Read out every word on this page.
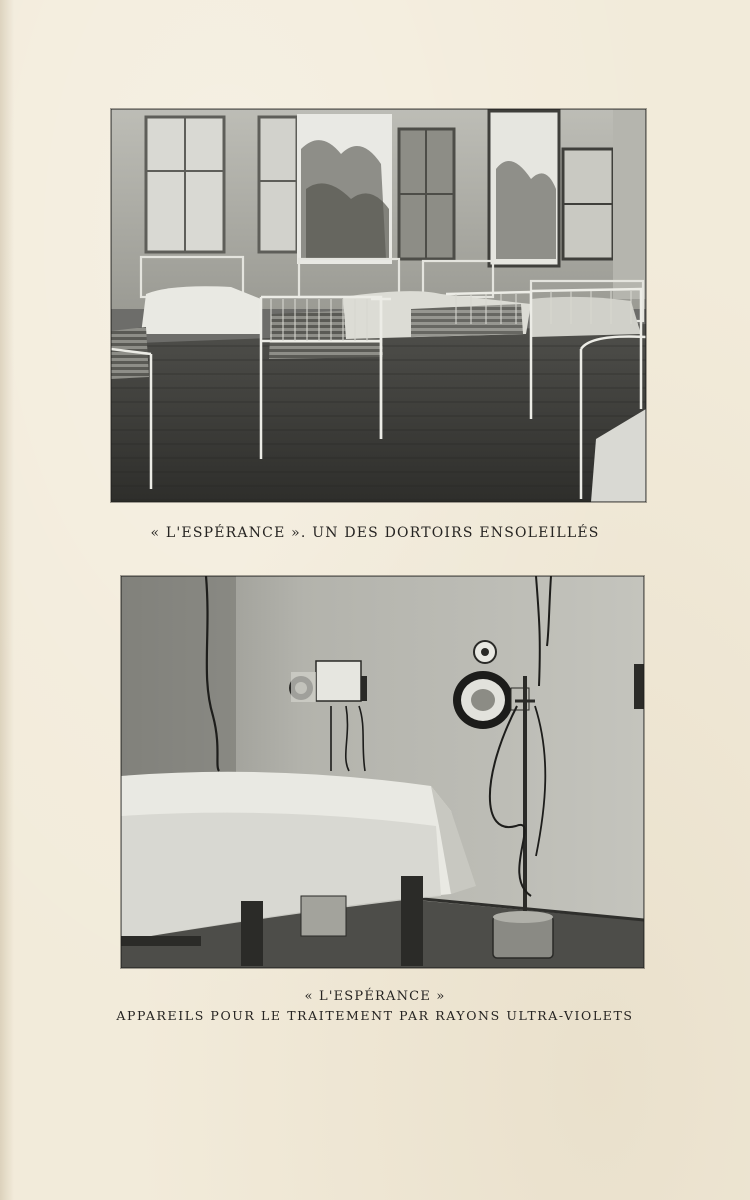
« L'ESPÉRANCE ». UN DES DORTOIRS ENSOLEILLÉS
« L'ESPÉRANCE »
APPAREILS POUR LE TRAITEMENT PAR RAYONS ULTRA-VIOLETS
